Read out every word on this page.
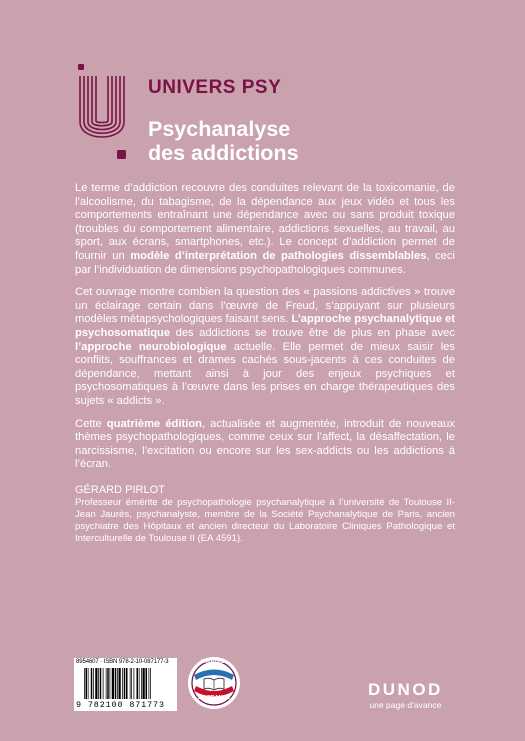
UNIVERS PSY
Psychanalyse
des addictions

Le terme d’addiction recouvre des conduites relevant de la toxicomanie, de l’alcoolisme, du tabagisme, de la dépendance aux jeux vidéo et tous les comportements entraînant une dépendance avec ou sans produit toxique (troubles du comportement alimentaire, addictions sexuelles, au travail, au sport, aux écrans, smartphones, etc.). Le concept d’addiction permet de fournir un modèle d’interprétation de pathologies dissemblables, ceci par l’individuation de dimensions psychopathologiques communes.

Cet ouvrage montre combien la question des « passions addictives » trouve un éclairage certain dans l’œuvre de Freud, s’appuyant sur plusieurs modèles métapsychologiques faisant sens. L’approche psychanalytique et psychosomatique des addictions se trouve être de plus en phase avec l’approche neurobiologique actuelle. Elle permet de mieux saisir les conflits, souffrances et drames cachés sous-jacents à ces conduites de dépendance, mettant ainsi à jour des enjeux psychiques et psychosomatiques à l’œuvre dans les prises en charge thérapeutiques des sujets « addicts ».

Cette quatrième édition, actualisée et augmentée, introduit de nouveaux thèmes psychopathologiques, comme ceux sur l’affect, la désaffectation, le narcissisme, l’excitation ou encore sur les sex-addicts ou les addictions à l’écran.

GÉRARD PIRLOT

Professeur émérite de psychopathologie psychanalytique à l’université de Toulouse II-Jean Jaurès, psychanalyste, membre de la Société Psychanalytique de Paris, ancien psychiatre des Hôpitaux et ancien directeur du Laboratoire Cliniques Pathologique et Interculturelle de Toulouse II (EA 4591).

8954607 · ISBN 978-2-10-087177-3
9 782100 871773
IMPRIMÉ
EN FRANCE	DUNOD
une page d’avance
